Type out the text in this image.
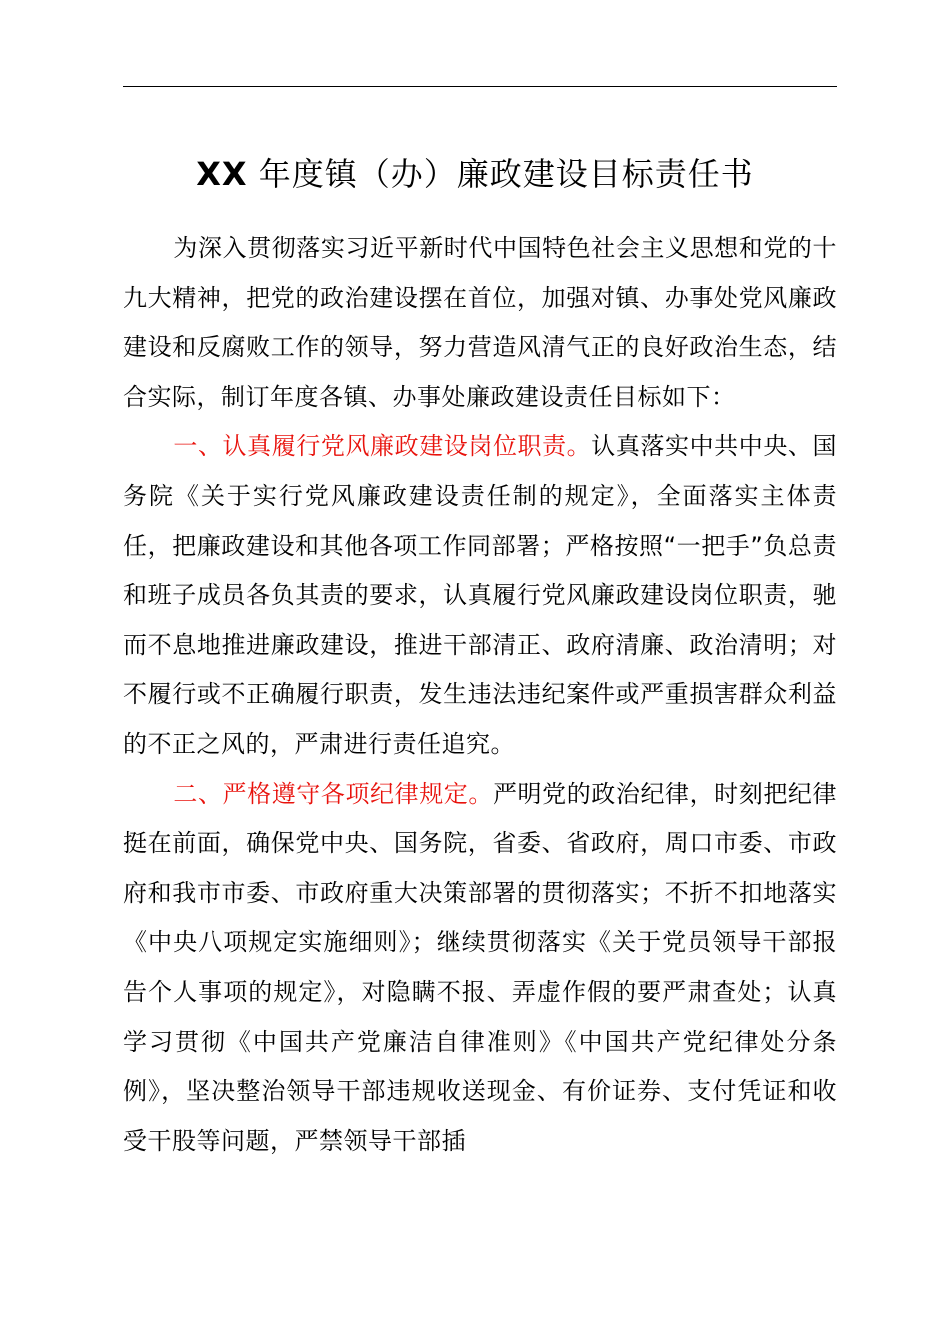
XX 年度镇（办）廉政建设目标责任书

为深入贯彻落实习近平新时代中国特色社会主义思想和党的十九大精神，把党的政治建设摆在首位，加强对镇、办事处党风廉政建设和反腐败工作的领导，努力营造风清气正的良好政治生态，结合实际，制订年度各镇、办事处廉政建设责任目标如下：

一、认真履行党风廉政建设岗位职责。认真落实中共中央、国务院《关于实行党风廉政建设责任制的规定》，全面落实主体责任，把廉政建设和其他各项工作同部署；严格按照“一把手”负总责和班子成员各负其责的要求，认真履行党风廉政建设岗位职责，驰而不息地推进廉政建设，推进干部清正、政府清廉、政治清明；对不履行或不正确履行职责，发生违法违纪案件或严重损害群众利益的不正之风的，严肃进行责任追究。

二、严格遵守各项纪律规定。严明党的政治纪律，时刻把纪律挺在前面，确保党中央、国务院，省委、省政府，周口市委、市政府和我市市委、市政府重大决策部署的贯彻落实；不折不扣地落实《中央八项规定实施细则》；继续贯彻落实《关于党员领导干部报告个人事项的规定》，对隐瞒不报、弄虚作假的要严肃查处；认真学习贯彻《中国共产党廉洁自律准则》《中国共产党纪律处分条例》，坚决整治领导干部违规收送现金、有价证券、支付凭证和收受干股等问题，严禁领导干部插
